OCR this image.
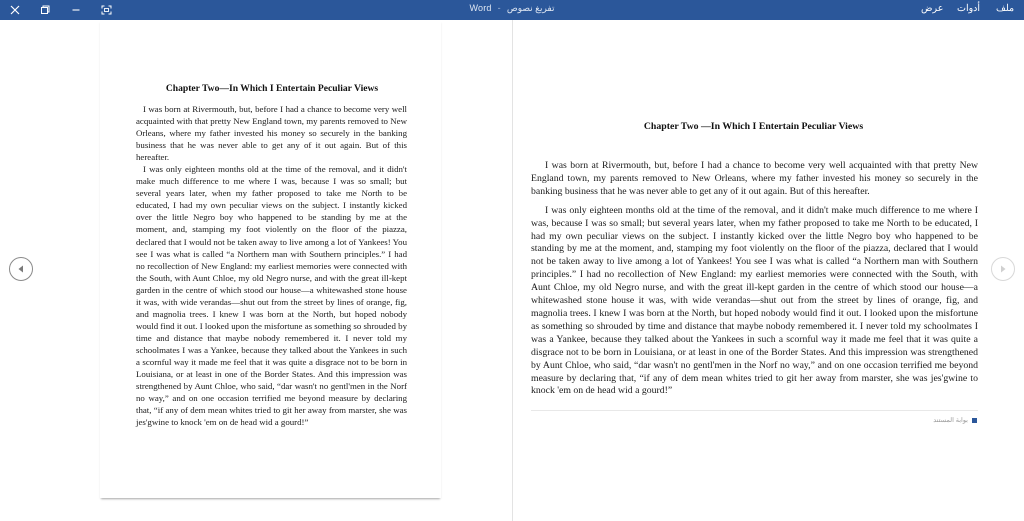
Word - تفريغ نصوص	ملف
أدوات
عرض
Chapter Two—In Which I Entertain Peculiar Views

I was born at Rivermouth, but, before I had a chance to become very well acquainted with that pretty New England town, my parents removed to New Orleans, where my father invested his money so securely in the banking business that he was never able to get any of it out again. But of this hereafter.

I was only eighteen months old at the time of the removal, and it didn't make much difference to me where I was, because I was so small; but several years later, when my father proposed to take me North to be educated, I had my own peculiar views on the subject. I instantly kicked over the little Negro boy who happened to be standing by me at the moment, and, stamping my foot violently on the floor of the piazza, declared that I would not be taken away to live among a lot of Yankees! You see I was what is called “a Northern man with Southern principles.” I had no recollection of New England: my earliest memories were connected with the South, with Aunt Chloe, my old Negro nurse, and with the great ill-kept garden in the centre of which stood our house—a whitewashed stone house it was, with wide verandas—shut out from the street by lines of orange, fig, and magnolia trees. I knew I was born at the North, but hoped nobody would find it out. I looked upon the misfortune as something so shrouded by time and distance that maybe nobody remembered it. I never told my schoolmates I was a Yankee, because they talked about the Yankees in such a scornful way it made me feel that it was quite a disgrace not to be born in Louisiana, or at least in one of the Border States. And this impression was strengthened by Aunt Chloe, who said, “dar wasn't no gentl'men in the Norf no way,” and on one occasion terrified me beyond measure by declaring that, “if any of dem mean whites tried to git her away from marster, she was jes'gwine to knock 'em on de head wid a gourd!”

Chapter Two —In Which I Entertain Peculiar Views

I was born at Rivermouth, but, before I had a chance to become very well acquainted with that pretty New England town, my parents removed to New Orleans, where my father invested his money so securely in the banking business that he was never able to get any of it out again. But of this hereafter.

I was only eighteen months old at the time of the removal, and it didn't make much difference to me where I was, because I was so small; but several years later, when my father proposed to take me North to be educated, I had my own peculiar views on the subject. I instantly kicked over the little Negro boy who happened to be standing by me at the moment, and, stamping my foot violently on the floor of the piazza, declared that I would not be taken away to live among a lot of Yankees! You see I was what is called “a Northern man with Southern principles.” I had no recollection of New England: my earliest memories were connected with the South, with Aunt Chloe, my old Negro nurse, and with the great ill-kept garden in the centre of which stood our house—a whitewashed stone house it was, with wide verandas—shut out from the street by lines of orange, fig, and magnolia trees. I knew I was born at the North, but hoped nobody would find it out. I looked upon the misfortune as something so shrouded by time and distance that maybe nobody remembered it. I never told my schoolmates I was a Yankee, because they talked about the Yankees in such a scornful way it made me feel that it was quite a disgrace not to be born in Louisiana, or at least in one of the Border States. And this impression was strengthened by Aunt Chloe, who said, “dar wasn't no gentl'men in the Norf no way,” and on one occasion terrified me beyond measure by declaring that, “if any of dem mean whites tried to git her away from marster, she was jes'gwine to knock 'em on de head wid a gourd!”

بوابة المستند
